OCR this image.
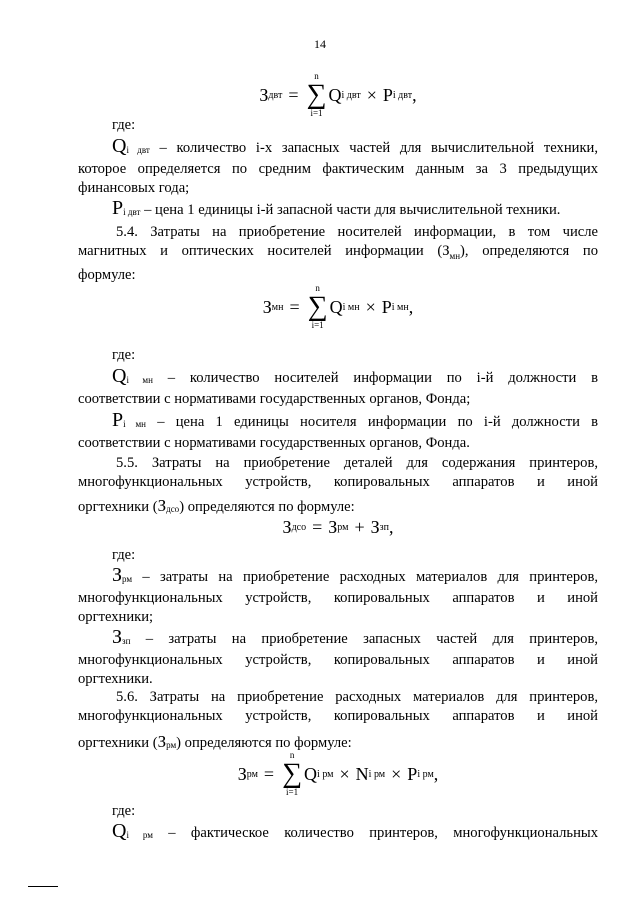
14
З двт =
n
∑
i=1
Q i двт × P i двт ,
где:
$Q_{i двт}$ – количество i-х запасных частей для вычислительной техники,
которое определяется по средним фактическим данным за 3 предыдущих
финансовых года;
$P_{i двт}$ – цена 1 единицы i-й запасной части для вычислительной техники.
5.4. Затраты на приобретение носителей информации, в том числе
магнитных и оптических носителей информации $(З_{мн})$, определяются по
формуле:
З мн =
n
∑
i=1
Q i мн × P i мн ,
где:
$Q_{i мн}$ – количество носителей информации по i-й должности в
соответствии с нормативами государственных органов, Фонда;
$P_{i мн}$ – цена 1 единицы носителя информации по i-й должности в
соответствии с нормативами государственных органов, Фонда.
5.5. Затраты на приобретение деталей для содержания принтеров,
многофункциональных устройств, копировальных аппаратов и иной
оргтехники $(З_{дсо})$ определяются по формуле:
З дсо = З рм + З зп ,
где:
$З_{рм}$ – затраты на приобретение расходных материалов для принтеров,
многофункциональных устройств, копировальных аппаратов и иной
оргтехники;
$З_{зп}$ – затраты на приобретение запасных частей для принтеров,
многофункциональных устройств, копировальных аппаратов и иной
оргтехники.
5.6. Затраты на приобретение расходных материалов для принтеров,
многофункциональных устройств, копировальных аппаратов и иной
оргтехники $(З_{рм})$ определяются по формуле:
З рм =
n
∑
i=1
Q i рм × N i рм × P i рм ,
где:
$Q_{i рм}$ – фактическое количество принтеров, многофункциональных
